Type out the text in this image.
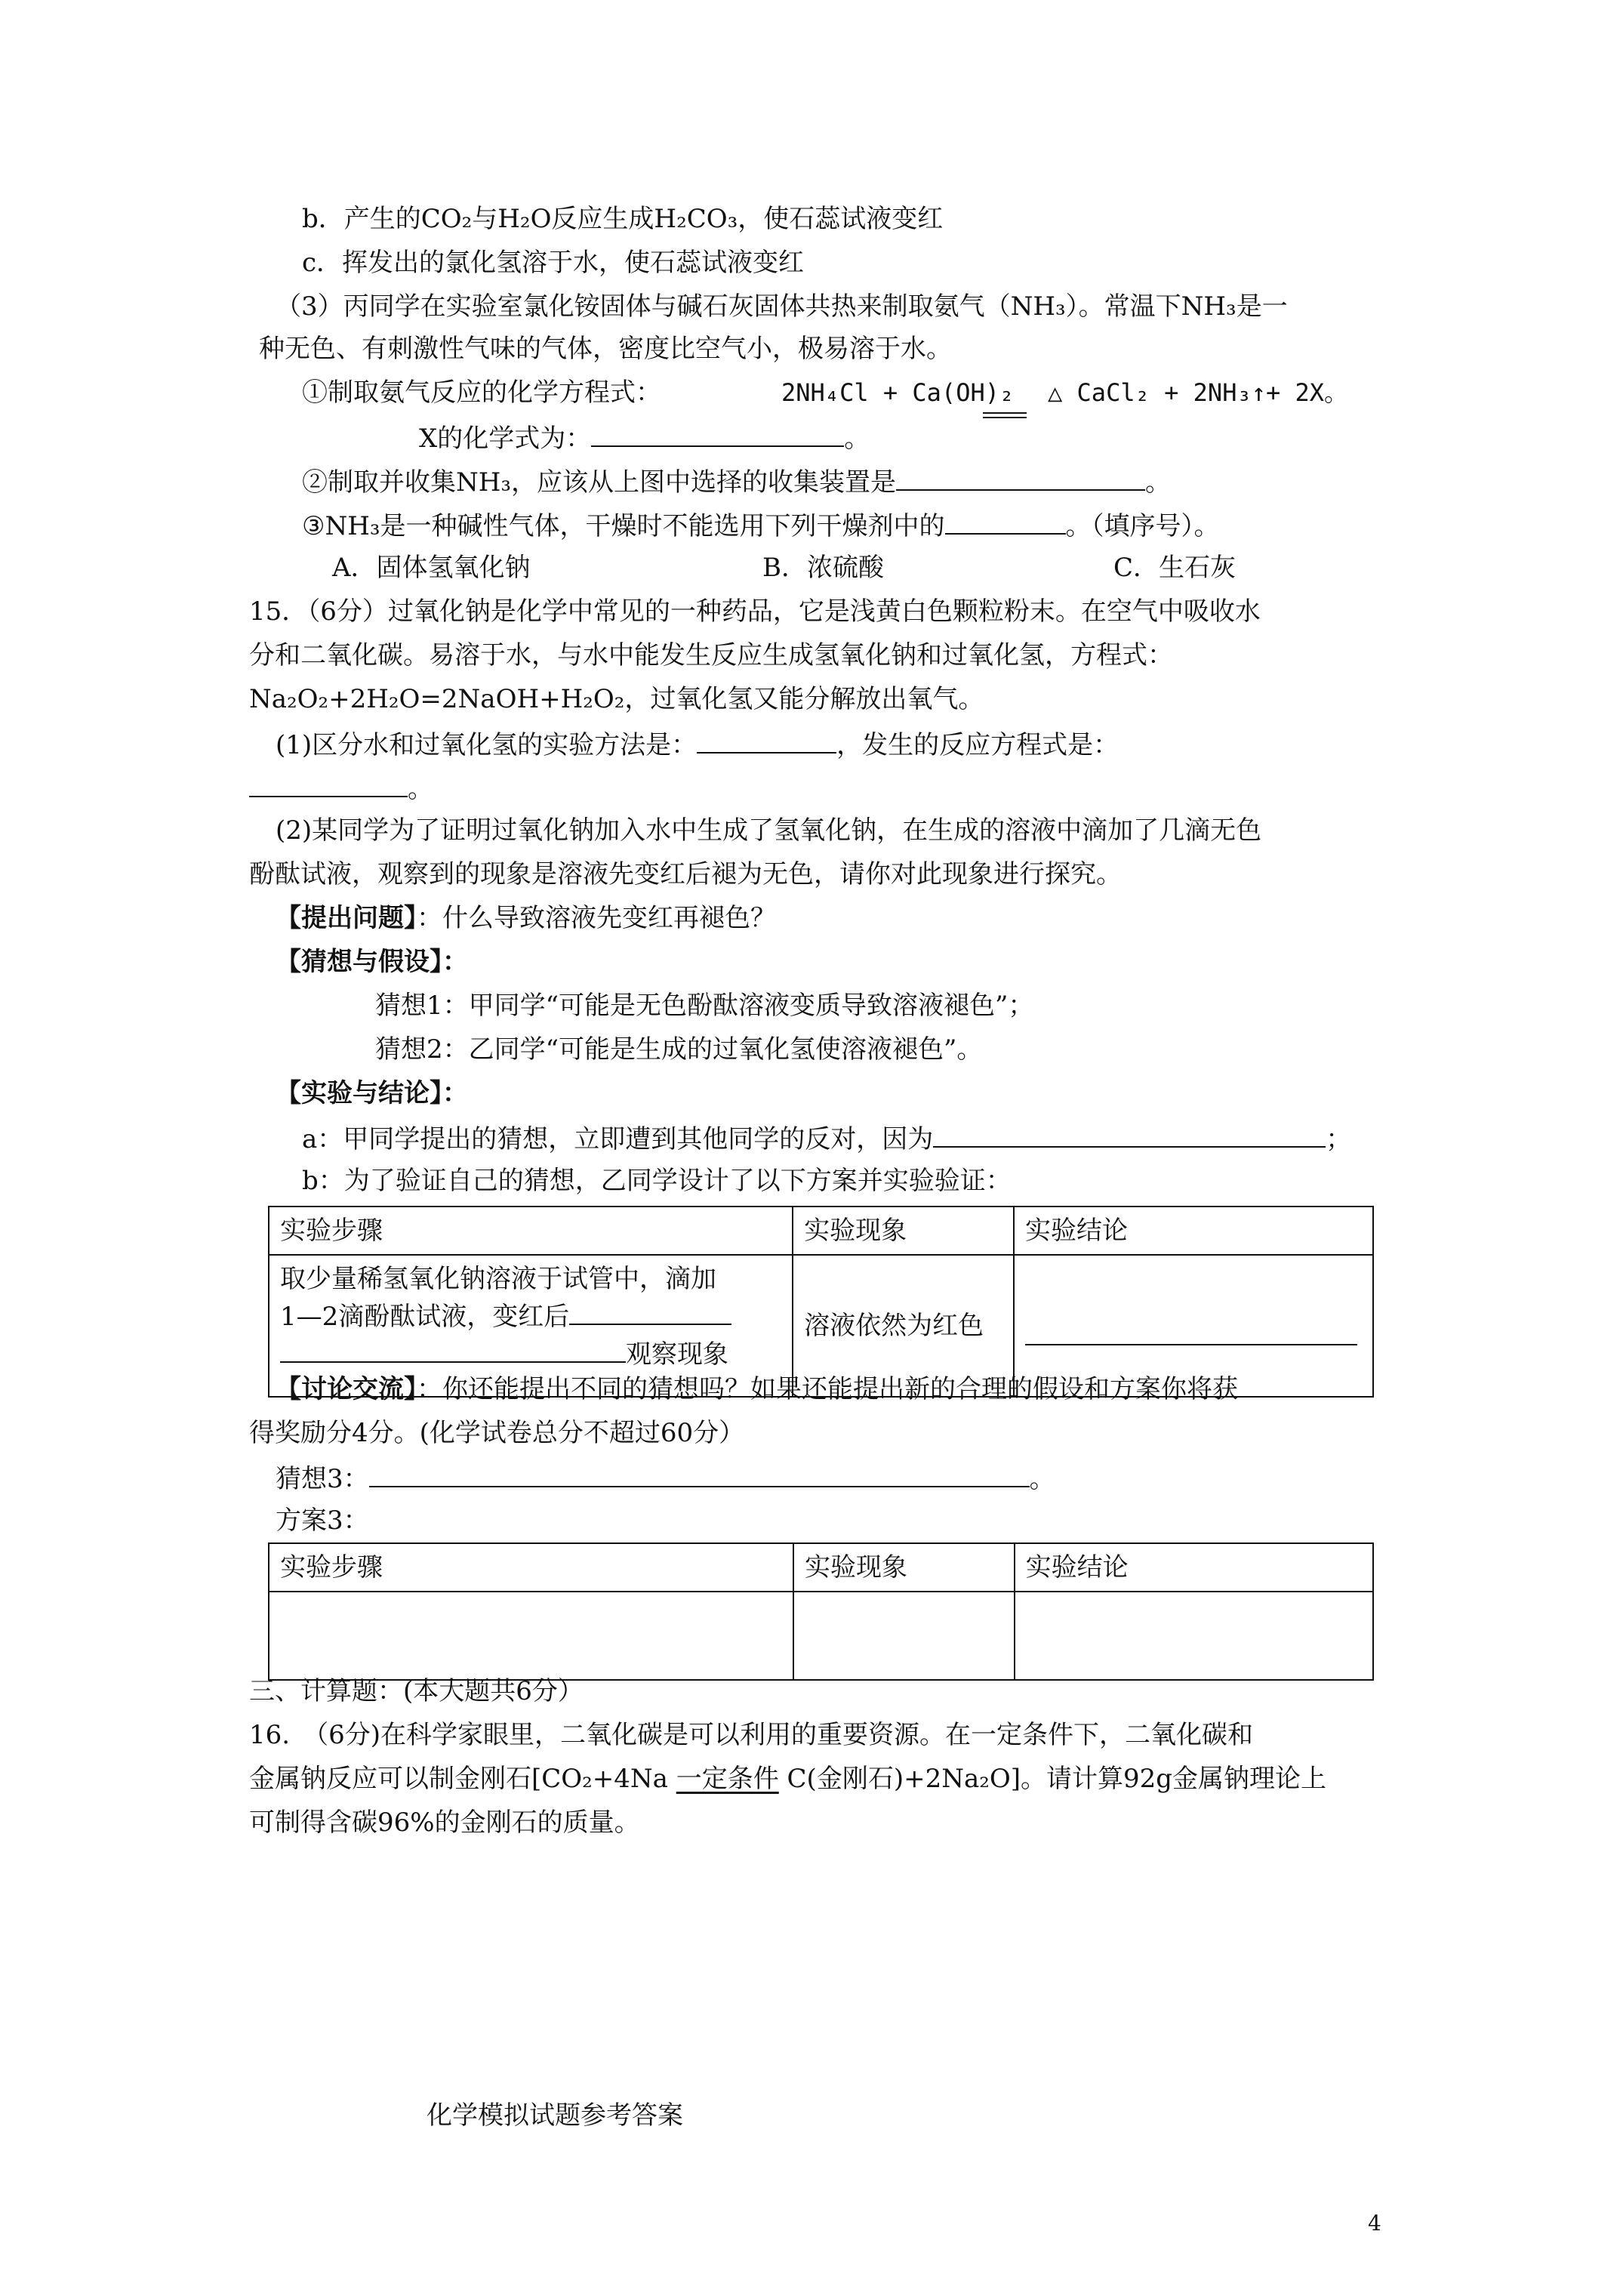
b．产生的CO₂与H₂O反应生成H₂CO₃，使石蕊试液变红
c．挥发出的氯化氢溶于水，使石蕊试液变红
（3）丙同学在实验室氯化铵固体与碱石灰固体共热来制取氨气（NH₃）。常温下NH₃是一
种无色、有刺激性气味的气体，密度比空气小，极易溶于水。
①制取氨气反应的化学方程式：	2NH₄Cl + Ca(OH)₂ △ CaCl₂ + 2NH₃↑+ 2X。
X的化学式为：	。
②制取并收集NH₃，应该从上图中选择的收集装置是	。
③NH₃是一种碱性气体，干燥时不能选用下列干燥剂中的	。（填序号）。
A．固体氢氧化钠	B．浓硫酸	C．生石灰
15．（6分）过氧化钠是化学中常见的一种药品，它是浅黄白色颗粒粉末。在空气中吸收水
分和二氧化碳。易溶于水，与水中能发生反应生成氢氧化钠和过氧化氢，方程式：
Na₂O₂+2H₂O=2NaOH+H₂O₂，过氧化氢又能分解放出氧气。
(1)区分水和过氧化氢的实验方法是：	，发生的反应方程式是：
。
(2)某同学为了证明过氧化钠加入水中生成了氢氧化钠，在生成的溶液中滴加了几滴无色
酚酞试液，观察到的现象是溶液先变红后褪为无色，请你对此现象进行探究。
【提出问题】：什么导致溶液先变红再褪色？
【猜想与假设】：
猜想1：甲同学“可能是无色酚酞溶液变质导致溶液褪色”；
猜想2：乙同学“可能是生成的过氧化氢使溶液褪色”。
【实验与结论】：
a：甲同学提出的猜想，立即遭到其他同学的反对，因为	；
b：为了验证自己的猜想，乙同学设计了以下方案并实验验证：
实验步骤	实验现象	实验结论

取少量稀氢氧化钠溶液于试管中，滴加
1—2滴酚酞试液，变红后
观察现象	溶液依然为红色	

【讨论交流】：你还能提出不同的猜想吗？如果还能提出新的合理的假设和方案你将获
得奖励分4分。(化学试卷总分不超过60分）
猜想3：	。
方案3：
实验步骤	实验现象	实验结论

三、计算题：(本大题共6分）
16.　（6分)在科学家眼里，二氧化碳是可以利用的重要资源。在一定条件下，二氧化碳和
金属钠反应可以制金刚石[CO₂+4Na 一定条件 C(金刚石)+2Na₂O]。请计算92g金属钠理论上
可制得含碳96%的金刚石的质量。
化学模拟试题参考答案
4
